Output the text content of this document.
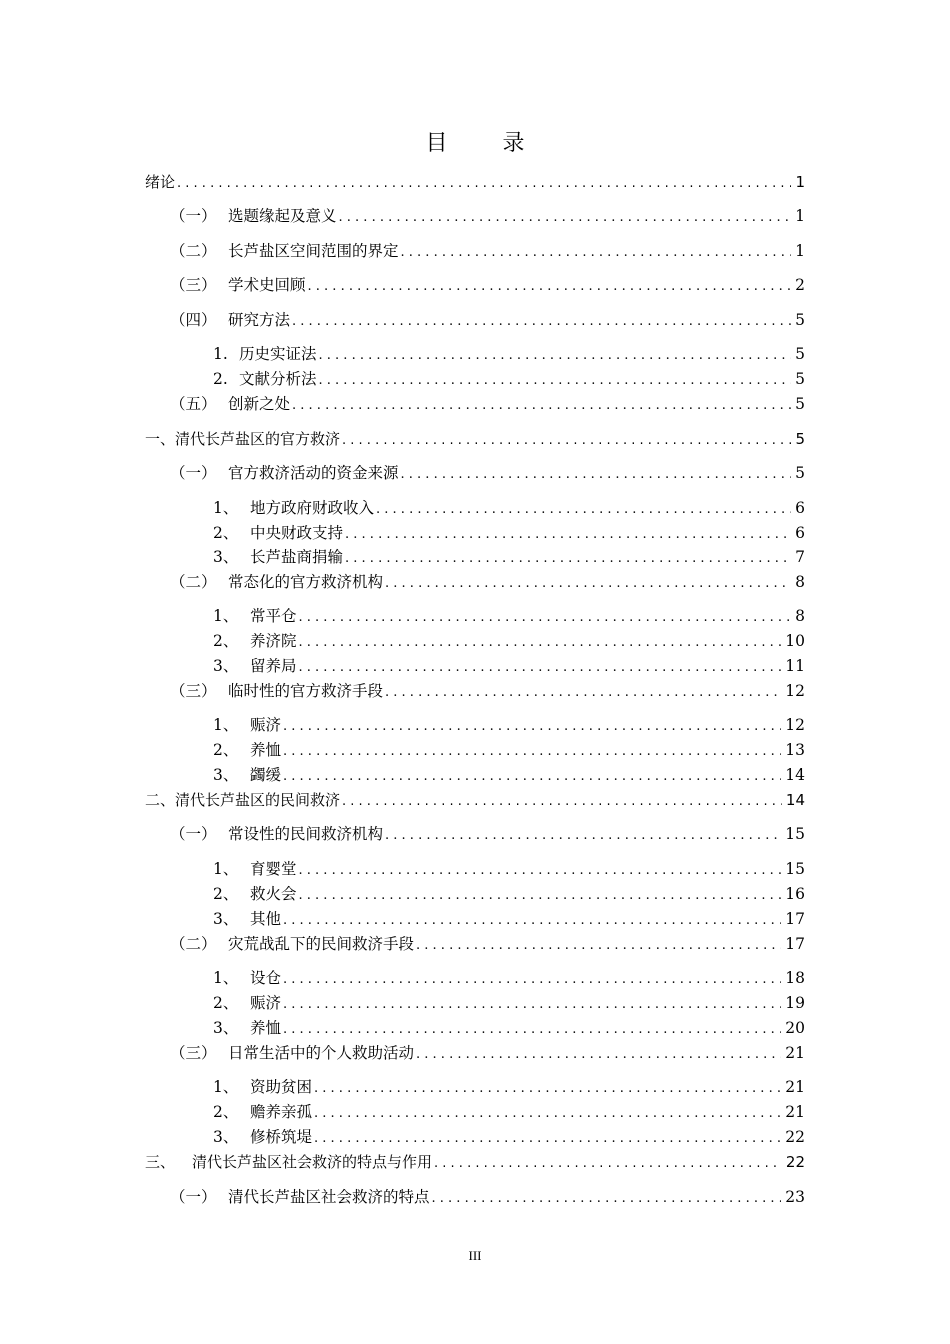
目 录
绪论 . . .	1
（一） 选题缘起及意义 . . .	1
（二） 长芦盐区空间范围的界定 . . .	1
（三） 学术史回顾 . . .	2
（四） 研究方法 . . .	5
1. 历史实证法 . . .	5
2. 文献分析法 . . .	5
（五） 创新之处 . . .	5
一、清代长芦盐区的官方救济 . . .	5
（一） 官方救济活动的资金来源 . . .	5
1、 地方政府财政收入 . . .	6
2、 中央财政支持 . . .	6
3、 长芦盐商捐输 . . .	7
（二） 常态化的官方救济机构 . . .	8
1、 常平仓 . . .	8
2、 养济院 . . .	10
3、 留养局 . . .	11
（三） 临时性的官方救济手段 . . .	12
1、 赈济 . . .	12
2、 养恤 . . .	13
3、 蠲缓 . . .	14
二、清代长芦盐区的民间救济 . . .	14
（一） 常设性的民间救济机构 . . .	15
1、 育婴堂 . . .	15
2、 救火会 . . .	16
3、 其他 . . .	17
（二） 灾荒战乱下的民间救济手段 . . .	17
1、 设仓 . . .	18
2、 赈济 . . .	19
3、 养恤 . . .	20
（三） 日常生活中的个人救助活动 . . .	21
1、 资助贫困 . . .	21
2、 赡养亲孤 . . .	21
3、 修桥筑堤 . . .	22
三、	清代长芦盐区社会救济的特点与作用 . . .	22
（一） 清代长芦盐区社会救济的特点 . . .	23
III
